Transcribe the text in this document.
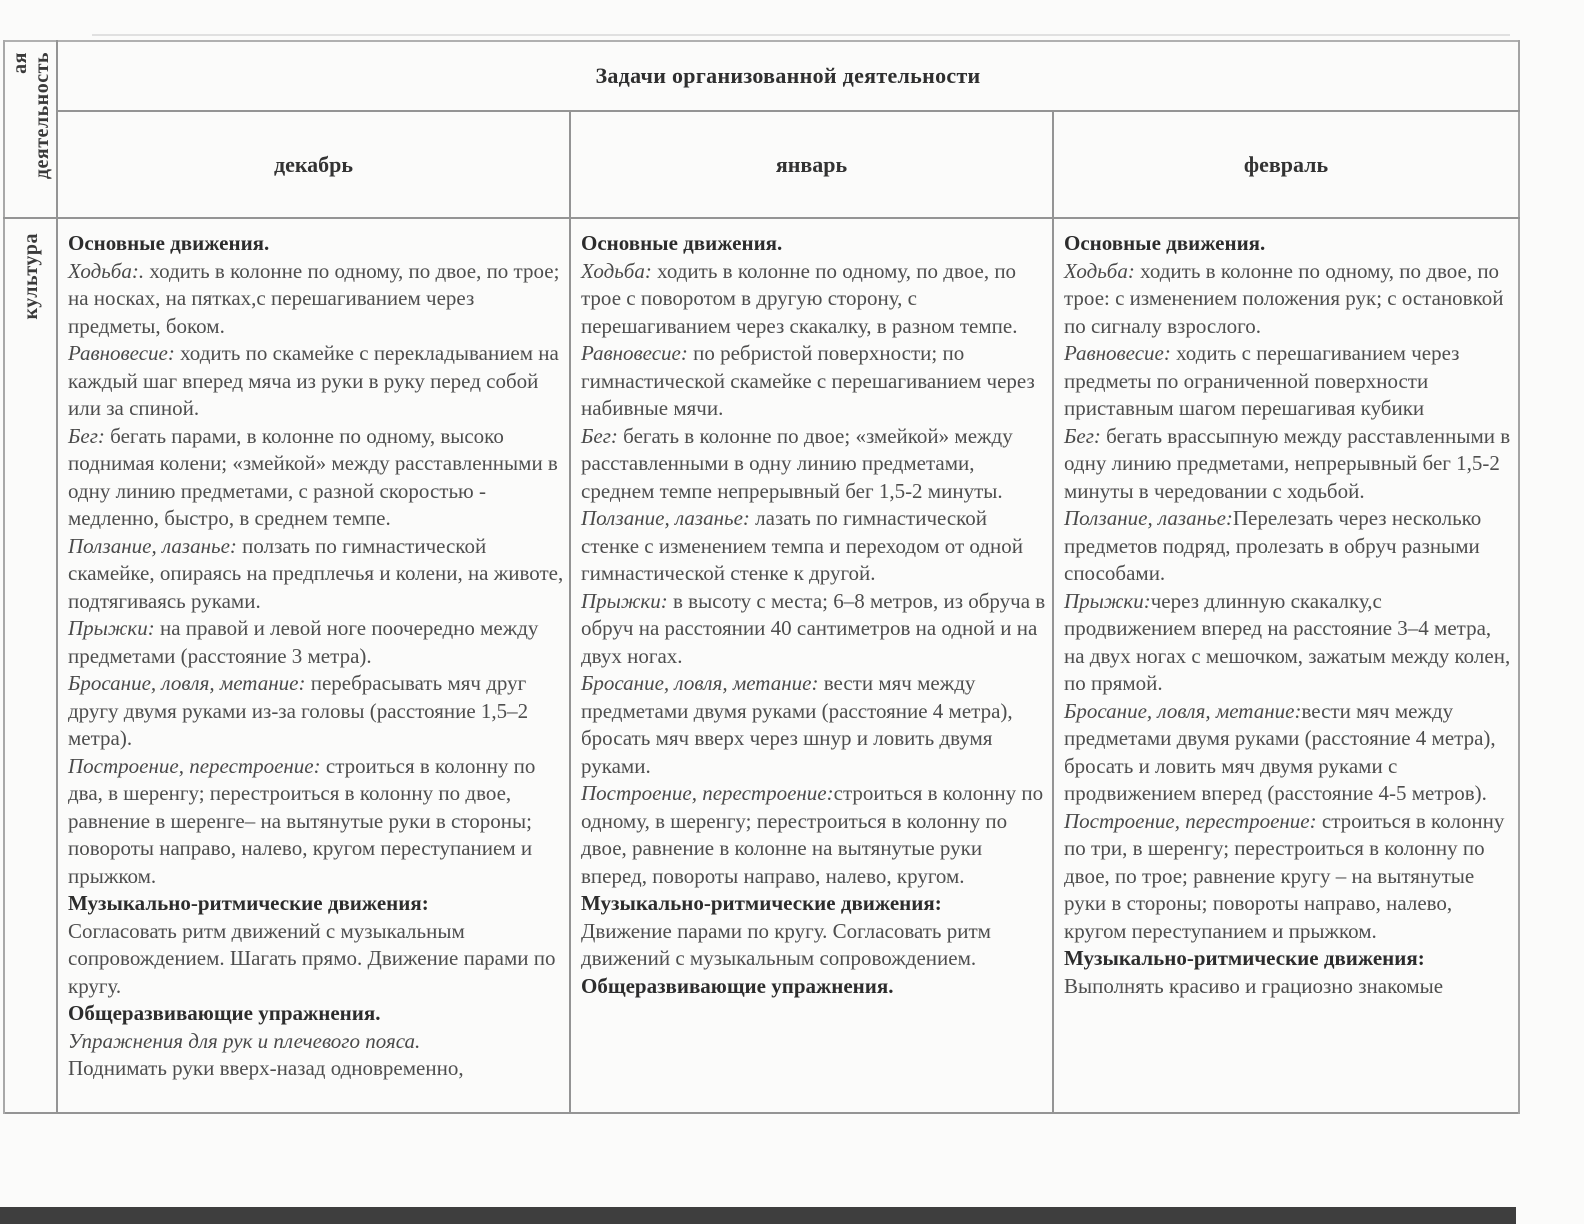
ая деятельность
культура
Задачи организованной деятельности
декабрь	январь	февраль

Основные движения.

Ходьба:. ходить в колонне по одному, по двое, по трое; на носках, на пятках,с перешагиванием через предметы, боком.

Равновесие: ходить по скамейке с перекладыванием на каждый шаг вперед мяча из руки в руку перед собой или за спиной.

Бег: бегать парами, в колонне по одному, высоко поднимая колени; «змейкой» между расставленными в одну линию предметами, с разной скоростью - медленно, быстро, в среднем темпе.

Ползание, лазанье: ползать по гимнастической скамейке, опираясь на предплечья и колени, на животе, подтягиваясь руками.

Прыжки: на правой и левой ноге поочередно между предметами (расстояние 3 метра).

Бросание, ловля, метание: перебрасывать мяч друг другу двумя руками из-за головы (расстояние 1,5–2 метра).

Построение, перестроение: строиться в колонну по два, в шеренгу; перестроиться в колонну по двое, равнение в шеренге– на вытянутые руки в стороны; повороты направо, налево, кругом переступанием и прыжком.

Музыкально-ритмические движения:

Согласовать ритм движений с музыкальным сопровождением. Шагать прямо. Движение парами по кругу.

Общеразвивающие упражнения.

Упражнения для рук и плечевого пояса.

Поднимать руки вверх-назад одновременно,

Основные движения.

Ходьба: ходить в колонне по одному, по двое, по трое с поворотом в другую сторону, с перешагиванием через скакалку, в разном темпе.

Равновесие: по ребристой поверхности; по гимнастической скамейке с перешагиванием через набивные мячи.

Бег: бегать в колонне по двое; «змейкой» между расставленными в одну линию предметами, среднем темпе непрерывный бег 1,5-2 минуты.

Ползание, лазанье: лазать по гимнастической стенке с изменением темпа и переходом от одной гимнастической стенке к другой.

Прыжки: в высоту с места; 6–8 метров, из обруча в обруч на расстоянии 40 сантиметров на одной и на двух ногах.

Бросание, ловля, метание: вести мяч между предметами двумя руками (расстояние 4 метра), бросать мяч вверх через шнур и ловить двумя руками.

Построение, перестроение:строиться в колонну по одному, в шеренгу; перестроиться в колонну по двое, равнение в колонне на вытянутые руки вперед, повороты направо, налево, кругом.

Музыкально-ритмические движения:

Движение парами по кругу. Согласовать ритм движений с музыкальным сопровождением.

Общеразвивающие упражнения.

Основные движения.

Ходьба: ходить в колонне по одному, по двое, по трое: с изменением положения рук; с остановкой по сигналу взрослого.

Равновесие: ходить с перешагиванием через предметы по ограниченной поверхности приставным шагом перешагивая кубики

Бег: бегать врассыпную между расставленными в одну линию предметами, непрерывный бег 1,5-2 минуты в чередовании с ходьбой.

Ползание, лазанье:Перелезать через несколько предметов подряд, пролезать в обруч разными способами.

Прыжки:через длинную скакалку,с продвижением вперед на расстояние 3–4 метра, на двух ногах с мешочком, зажатым между колен, по прямой.

Бросание, ловля, метание:вести мяч между предметами двумя руками (расстояние 4 метра), бросать и ловить мяч двумя руками с продвижением вперед (расстояние 4-5 метров).

Построение, перестроение: строиться в колонну по три, в шеренгу; перестроиться в колонну по двое, по трое; равнение кругу – на вытянутые руки в стороны; повороты направо, налево, кругом переступанием и прыжком.

Музыкально-ритмические движения:

Выполнять красиво и грациозно знакомые
